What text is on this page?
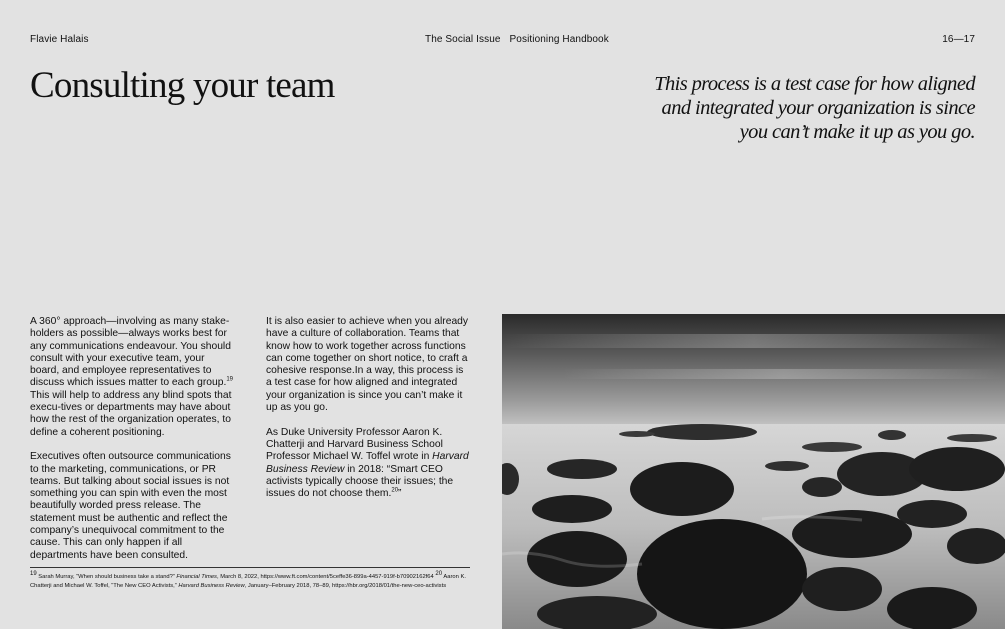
Flavie Halais	The Social Issue Positioning Handbook	16—17
Consulting your team	This process is a test case for how aligned and integrated your organization is since you can’t make it up as you go.

A 360° approach—involving as many stake-holders as possible—always works best for any communications endeavour. You should consult with your executive team, your board, and employee representatives to discuss which issues matter to each group.$^{19}$ This will help to address any blind spots that execu-tives or departments may have about how the rest of the organization operates, to define a coherent positioning.

Executives often outsource communications to the marketing, communications, or PR teams. But talking about social issues is not something you can spin with even the most beautifully worded press release. The statement must be authentic and reflect the company’s unequivocal commitment to the cause. This can only happen if all departments have been consulted.

It is also easier to achieve when you already have a culture of collaboration. Teams that know how to work together across functions can come together on short notice, to craft a cohesive response.In a way, this process is a test case for how aligned and integrated your organization is since you can’t make it up as you go.

As Duke University Professor Aaron K. Chatterji and Harvard Business School Professor Michael W. Toffel wrote in Harvard Business Review in 2018: “Smart CEO activists typically choose their issues; the issues do not choose them.$^{20}$”

$^{19}$ Sarah Murray, “When should business take a stand?” Financial Times, March 8, 2022, https://www.ft.com/content/5ceffe36-899a-4457-919f-b70902162f64 $^{20}$ Aaron K. Chatterji and Michael W. Toffel, “The New CEO Activists,” Harvard Business Review, January–February 2018, 78–89, https://hbr.org/2018/01/the-new-ceo-activists
